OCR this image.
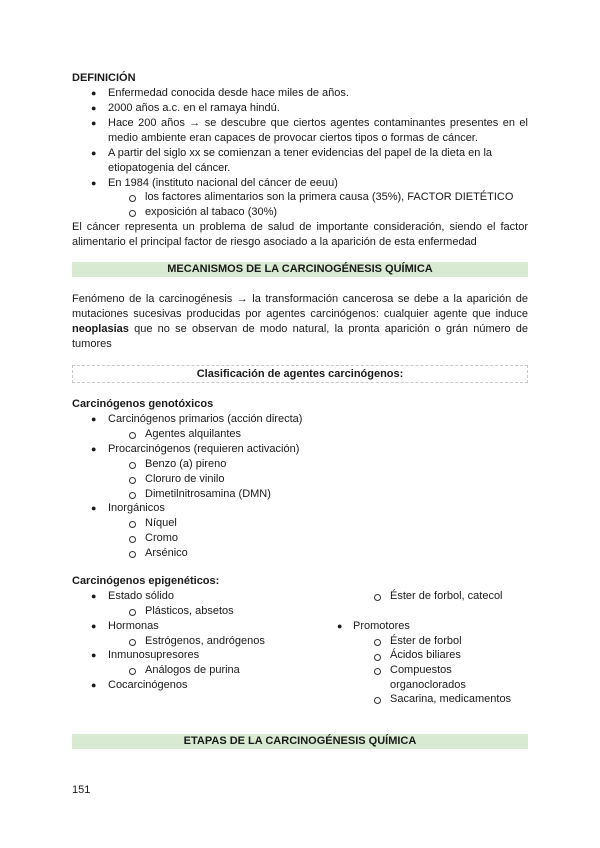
DEFINICIÓN
● Enfermedad conocida desde hace miles de años.
● 2000 años a.c. en el ramaya hindú.
● Hace 200 años → se descubre que ciertos agentes contaminantes presentes en el medio ambiente eran capaces de provocar ciertos tipos o formas de cáncer.
● A partir del siglo xx se comienzan a tener evidencias del papel de la dieta en la etiopatogenia del cáncer.
● En 1984 (instituto nacional del cáncer de eeuu)
los factores alimentarios son la primera causa (35%), FACTOR DIETÉTICO
exposición al tabaco (30%)
El cáncer representa un problema de salud de importante consideración, siendo el factor alimentario el principal factor de riesgo asociado a la aparición de esta enfermedad
MECANISMOS DE LA CARCINOGÉNESIS QUÍMICA
Fenómeno de la carcinogénesis → la transformación cancerosa se debe a la aparición de mutaciones sucesivas producidas por agentes carcinógenos: cualquier agente que induce neoplasias que no se observan de modo natural, la pronta aparición o grán número de tumores
Clasificación de agentes carcinógenos:
Carcinógenos genotóxicos
● Carcinógenos primarios (acción directa)
Agentes alquilantes
● Procarcinógenos (requieren activación)
Benzo (a) pireno
Cloruro de vinilo
Dimetilnitrosamina (DMN)
● Inorgánicos
Níquel
Cromo
Arsénico
Carcinógenos epigenéticos:
● Estado sólido
Plásticos, absetos
● Hormonas
Estrógenos, andrógenos
● Inmunosupresores
Análogos de purina
● Cocarcinógenos
Éster de forbol, catecol
● Promotores
Éster de forbol
Ácidos biliares
Compuestos
organoclorados
Sacarina, medicamentos
ETAPAS DE LA CARCINOGÉNESIS QUÍMICA
151
